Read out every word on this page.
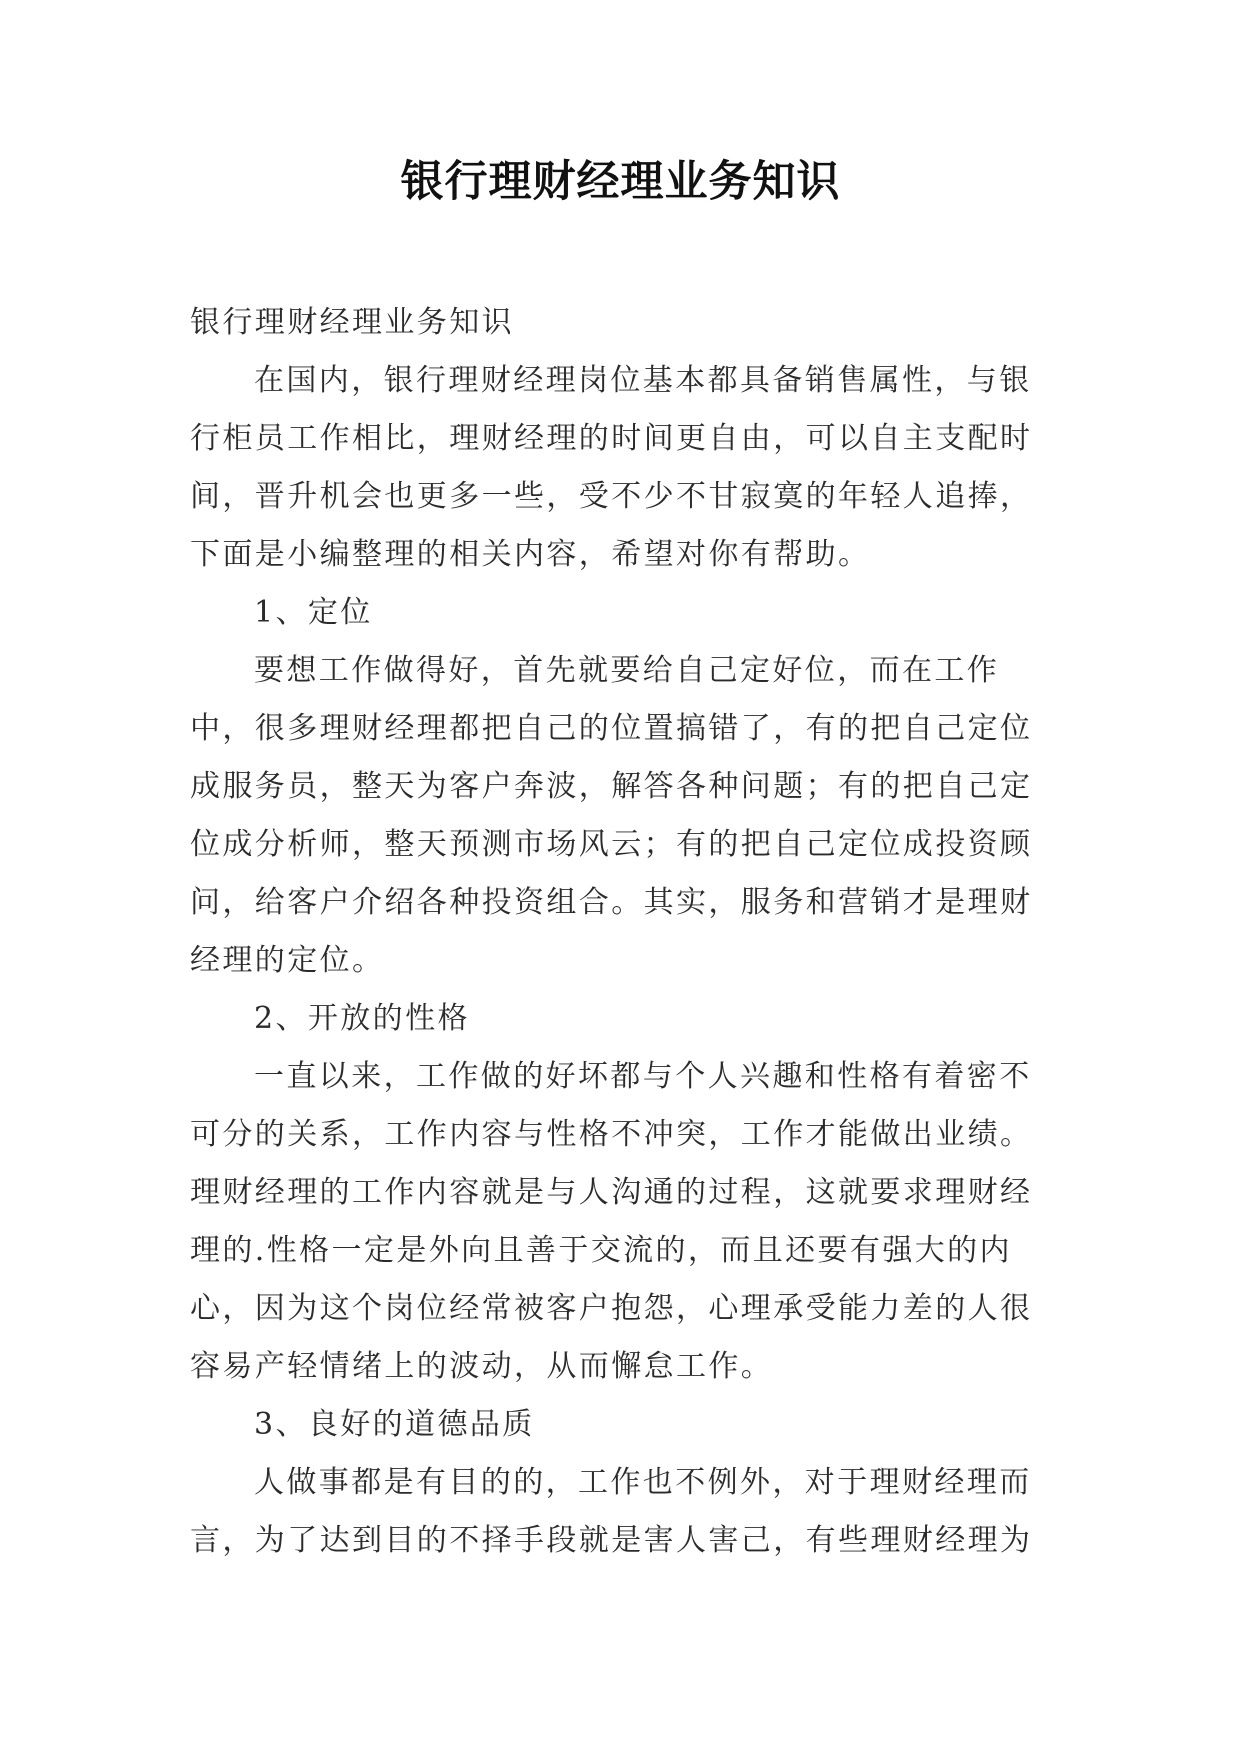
银行理财经理业务知识

银行理财经理业务知识

在国内，银行理财经理岗位基本都具备销售属性，与银行柜员工作相比，理财经理的时间更自由，可以自主支配时间，晋升机会也更多一些，受不少不甘寂寞的年轻人追捧，下面是小编整理的相关内容，希望对你有帮助。

1、定位

要想工作做得好，首先就要给自己定好位，而在工作中，很多理财经理都把自己的位置搞错了，有的把自己定位成服务员，整天为客户奔波，解答各种问题；有的把自己定位成分析师，整天预测市场风云；有的把自己定位成投资顾问，给客户介绍各种投资组合。其实，服务和营销才是理财经理的定位。

2、开放的性格

一直以来，工作做的好坏都与个人兴趣和性格有着密不可分的关系，工作内容与性格不冲突，工作才能做出业绩。理财经理的工作内容就是与人沟通的过程，这就要求理财经理的.性格一定是外向且善于交流的，而且还要有强大的内心，因为这个岗位经常被客户抱怨，心理承受能力差的人很容易产轻情绪上的波动，从而懈怠工作。

3、良好的道德品质

人做事都是有目的的，工作也不例外，对于理财经理而言，为了达到目的不择手段就是害人害己，有些理财经理为
